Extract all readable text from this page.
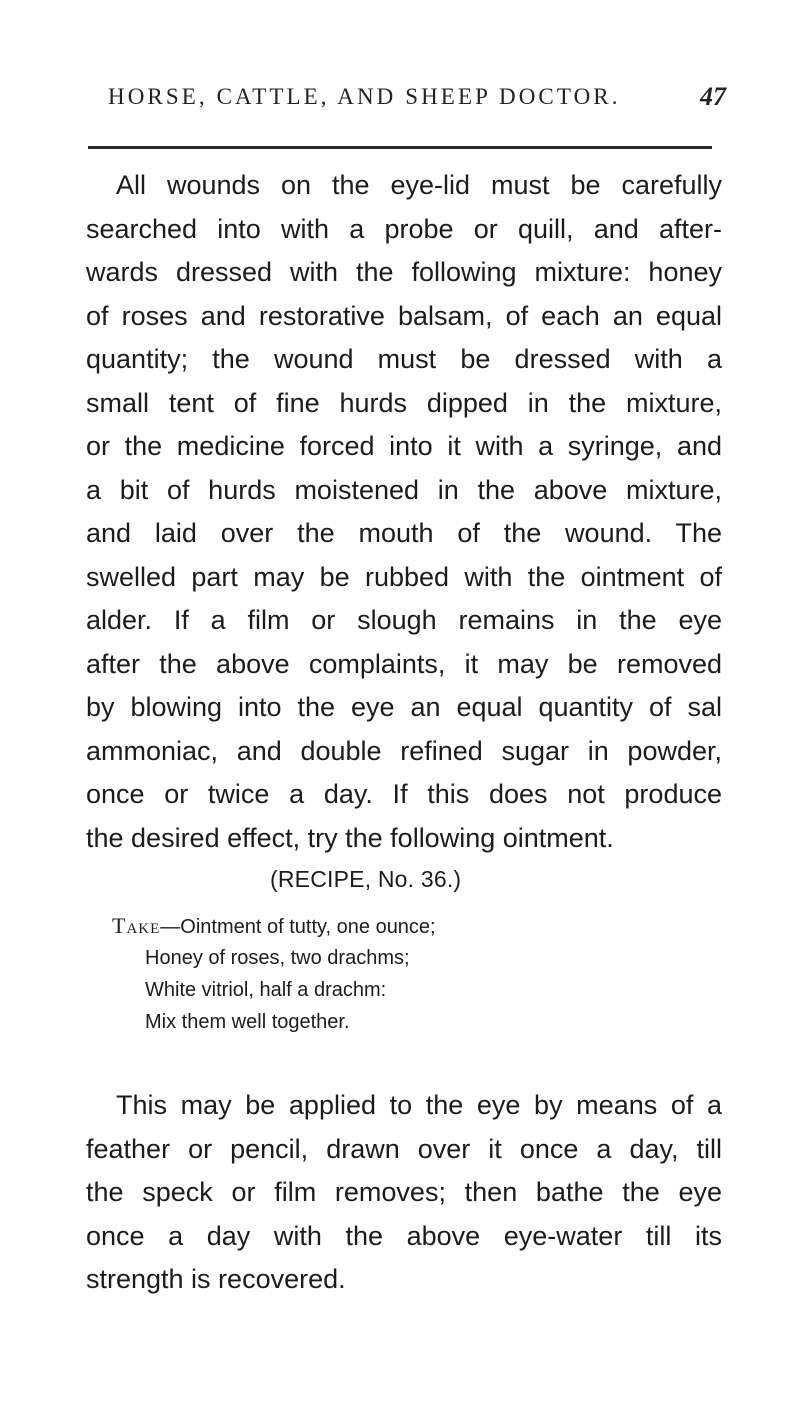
HORSE, CATTLE, AND SHEEP DOCTOR.	47
All wounds on the eye-lid must be carefully
searched into with a probe or quill, and after-
wards dressed with the following mixture: honey
of roses and restorative balsam, of each an equal
quantity; the wound must be dressed with a
small tent of fine hurds dipped in the mixture,
or the medicine forced into it with a syringe, and
a bit of hurds moistened in the above mixture,
and laid over the mouth of the wound. The
swelled part may be rubbed with the ointment of
alder. If a film or slough remains in the eye
after the above complaints, it may be removed
by blowing into the eye an equal quantity of sal
ammoniac, and double refined sugar in powder,
once or twice a day. If this does not produce
the desired effect, try the following ointment.
(RECIPE, No. 36.)
Take—Ointment of tutty, one ounce;
Honey of roses, two drachms;
White vitriol, half a drachm:
Mix them well together.
This may be applied to the eye by means of a
feather or pencil, drawn over it once a day, till
the speck or film removes; then bathe the eye
once a day with the above eye-water till its
strength is recovered.
